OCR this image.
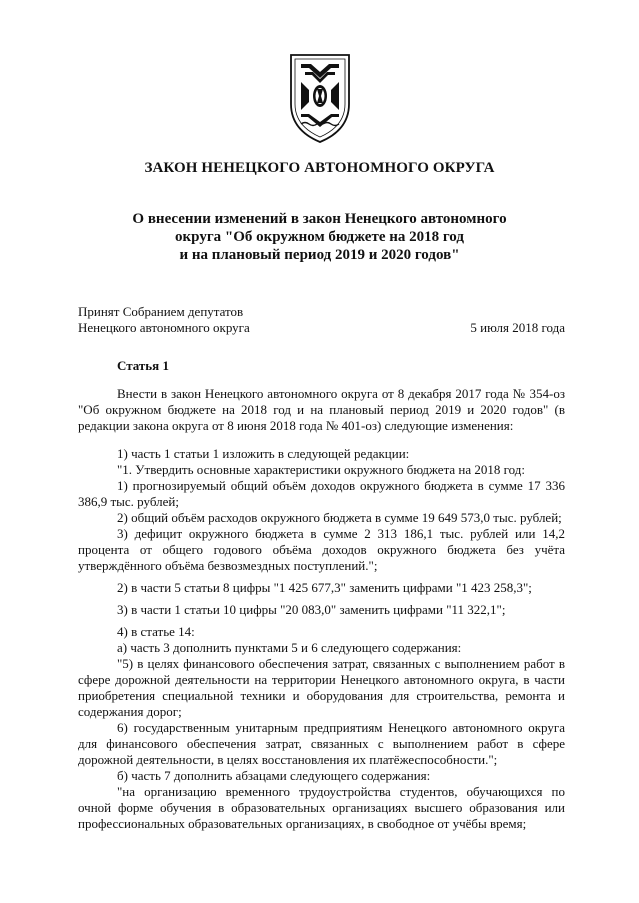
ЗАКОН НЕНЕЦКОГО АВТОНОМНОГО ОКРУГА
О внесении изменений в закон Ненецкого автономного
округа "Об окружном бюджете на 2018 год
и на плановый период 2019 и 2020 годов"
Принят Собранием депутатов
Ненецкого автономного округа	5 июля 2018 года
Статья 1

Внести в закон Ненецкого автономного округа от 8 декабря 2017 года № 354-оз "Об окружном бюджете на 2018 год и на плановый период 2019 и 2020 годов" (в редакции закона округа от 8 июня 2018 года № 401-оз) следующие изменения:

1) часть 1 статьи 1 изложить в следующей редакции:

"1. Утвердить основные характеристики окружного бюджета на 2018 год:

1) прогнозируемый общий объём доходов окружного бюджета в сумме 17 336 386,9 тыс. рублей;

2) общий объём расходов окружного бюджета в сумме 19 649 573,0 тыс. рублей;

3) дефицит окружного бюджета в сумме 2 313 186,1 тыс. рублей или 14,2 процента от общего годового объёма доходов окружного бюджета без учёта утверждённого объёма безвозмездных поступлений.";

2) в части 5 статьи 8 цифры "1 425 677,3" заменить цифрами "1 423 258,3";

3) в части 1 статьи 10 цифры "20 083,0" заменить цифрами "11 322,1";

4) в статье 14:

а) часть 3 дополнить пунктами 5 и 6 следующего содержания:

"5) в целях финансового обеспечения затрат, связанных с выполнением работ в сфере дорожной деятельности на территории Ненецкого автономного округа, в части приобретения специальной техники и оборудования для строительства, ремонта и содержания дорог;

6) государственным унитарным предприятиям Ненецкого автономного округа для финансового обеспечения затрат, связанных с выполнением работ в сфере дорожной деятельности, в целях восстановления их платёжеспособности.";

б) часть 7 дополнить абзацами следующего содержания:

"на организацию временного трудоустройства студентов, обучающихся по очной форме обучения в образовательных организациях высшего образования или профессиональных образовательных организациях, в свободное от учёбы время;
